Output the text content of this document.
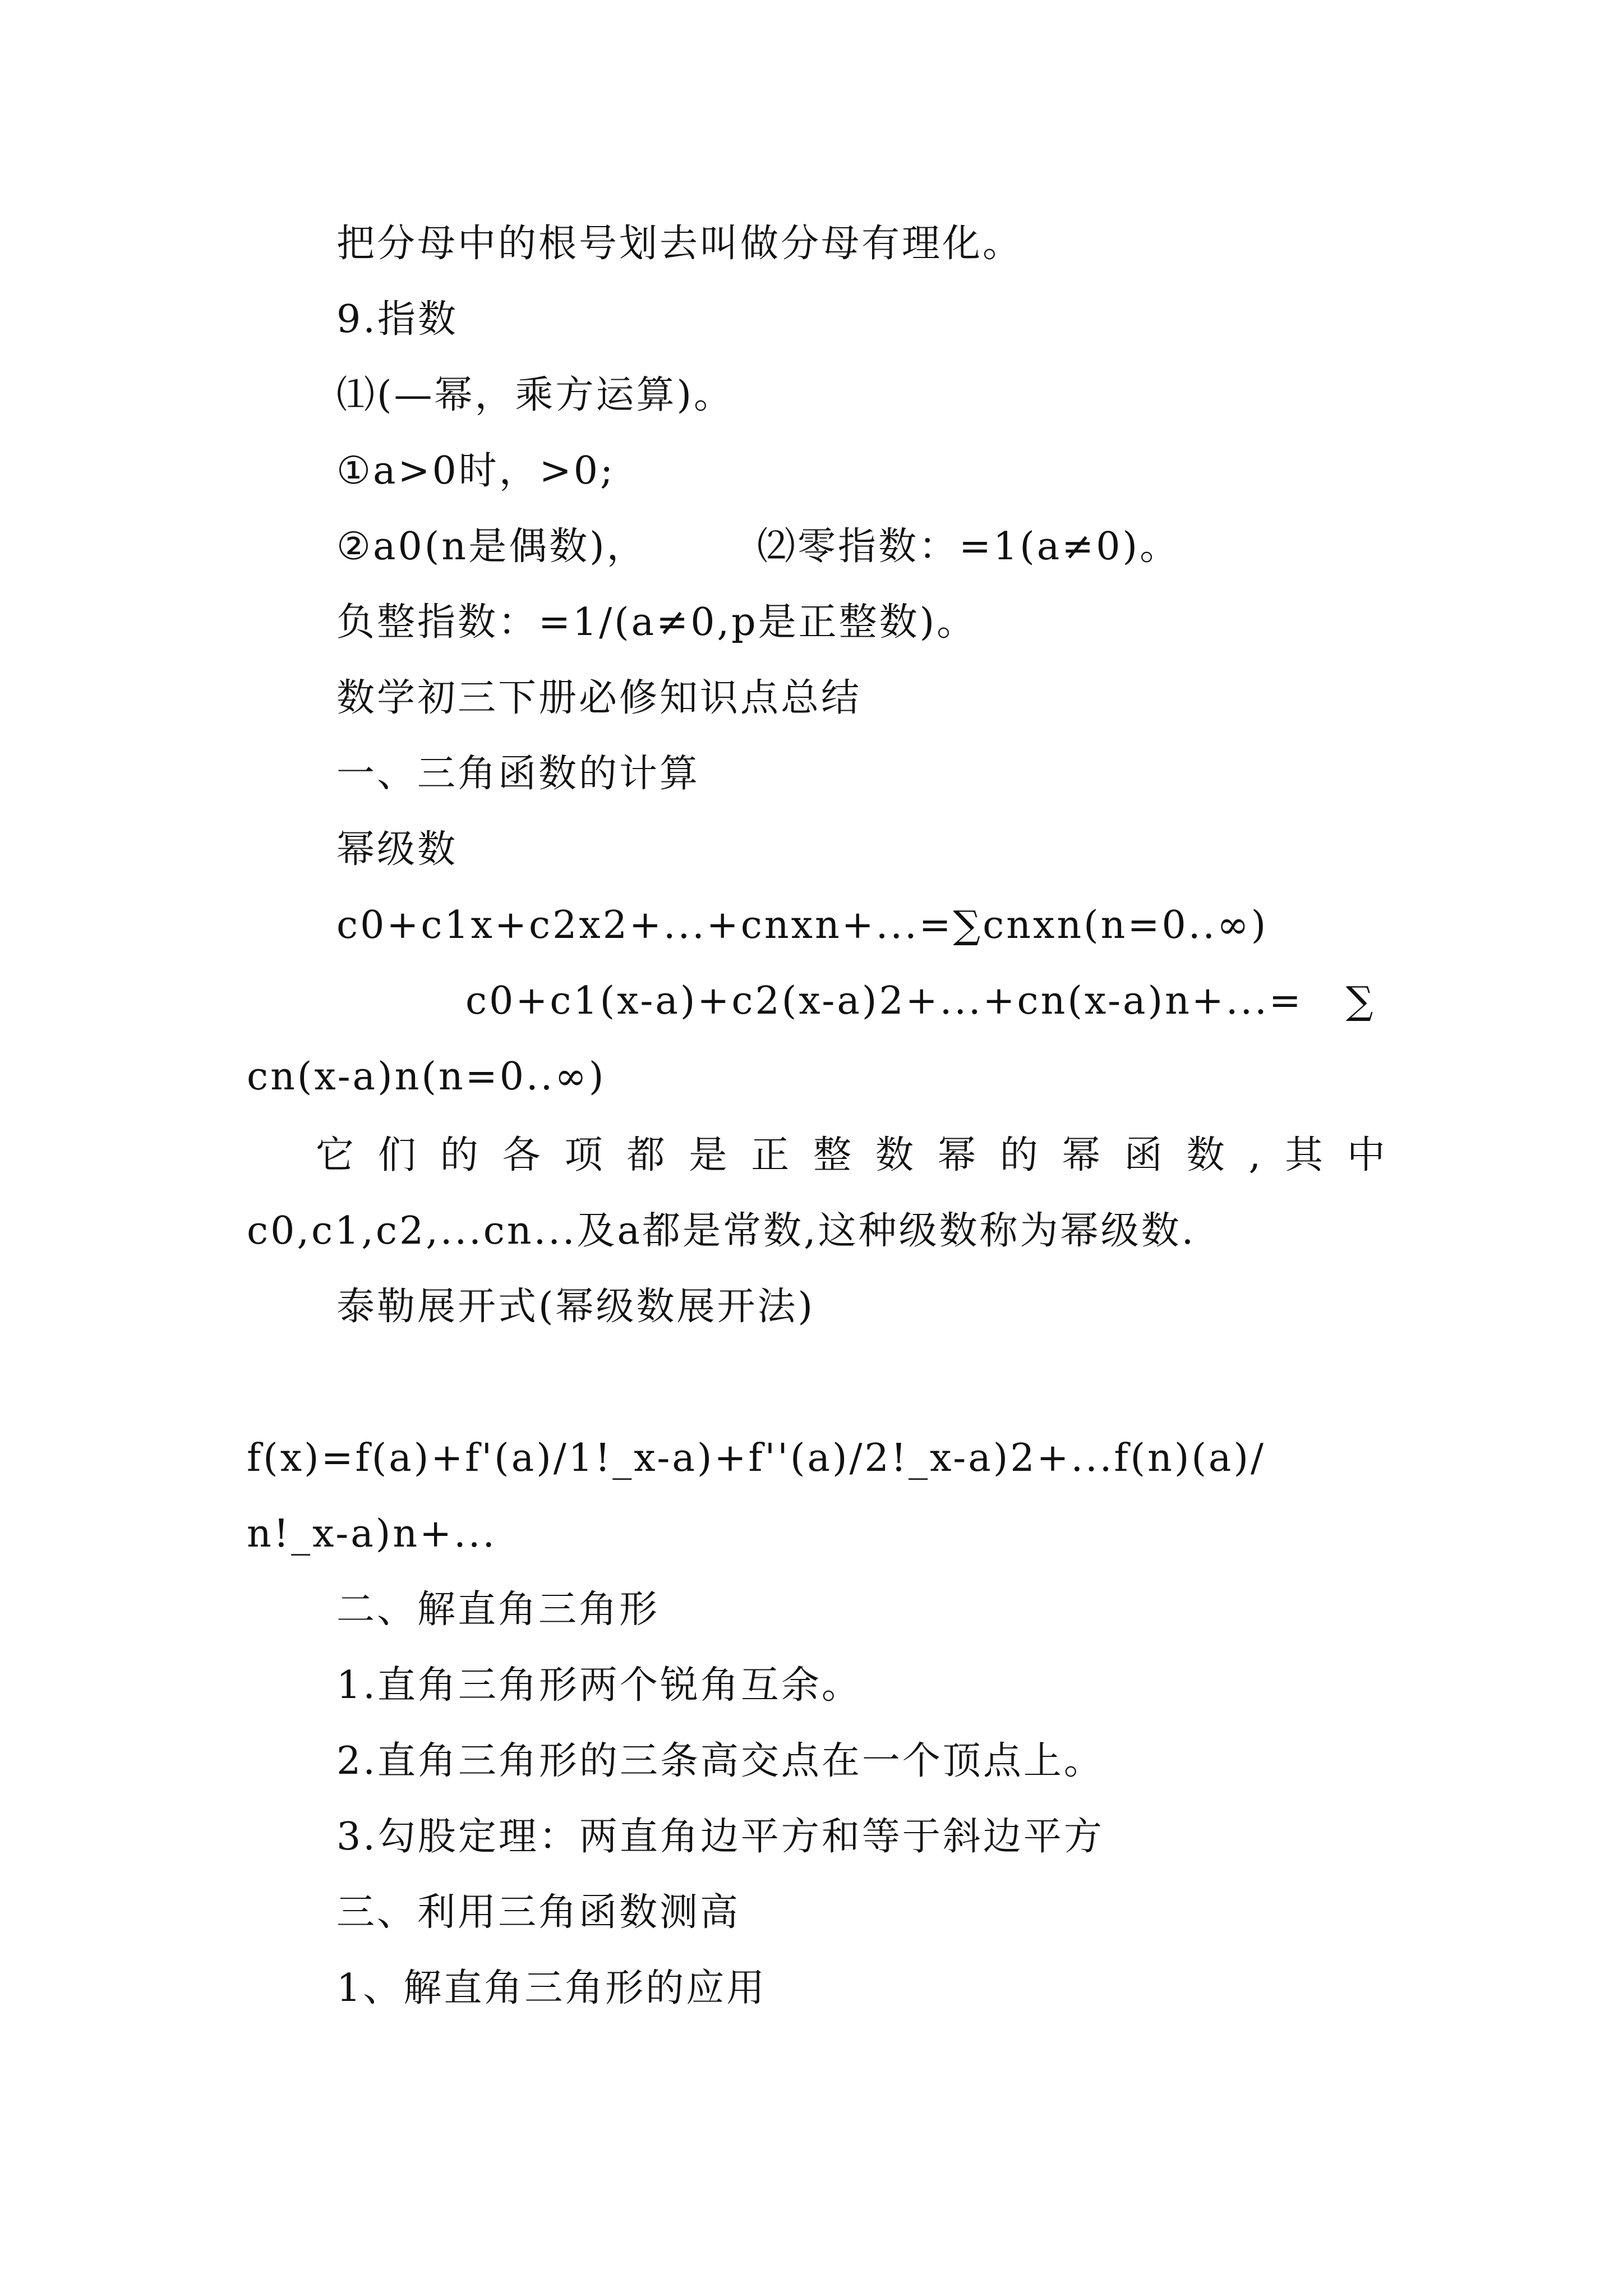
把分母中的根号划去叫做分母有理化。
9.指数
⑴(—幂，乘方运算)。
①a>0时，>0;
②a0(n是偶数)，	⑵零指数：=1(a≠0)。
负整指数：=1/(a≠0,p是正整数)。
数学初三下册必修知识点总结
一、三角函数的计算
幂级数
c0+c1x+c2x2+...+cnxn+...=∑cnxn(n=0..∞)
c0+c1(x-a)+c2(x-a)2+...+cn(x-a)n+...=	∑
cn(x-a)n(n=0..∞)
它 们 的 各 项 都 是 正 整 数 幂 的 幂 函 数 , 其 中
c0,c1,c2,...cn...及a都是常数,这种级数称为幂级数.
泰勒展开式(幂级数展开法)
f(x)=f(a)+f'(a)/1!_x-a)+f''(a)/2!_x-a)2+...f(n)(a)/
n!_x-a)n+...
二、解直角三角形
1.直角三角形两个锐角互余。
2.直角三角形的三条高交点在一个顶点上。
3.勾股定理：两直角边平方和等于斜边平方
三、利用三角函数测高
1、解直角三角形的应用
